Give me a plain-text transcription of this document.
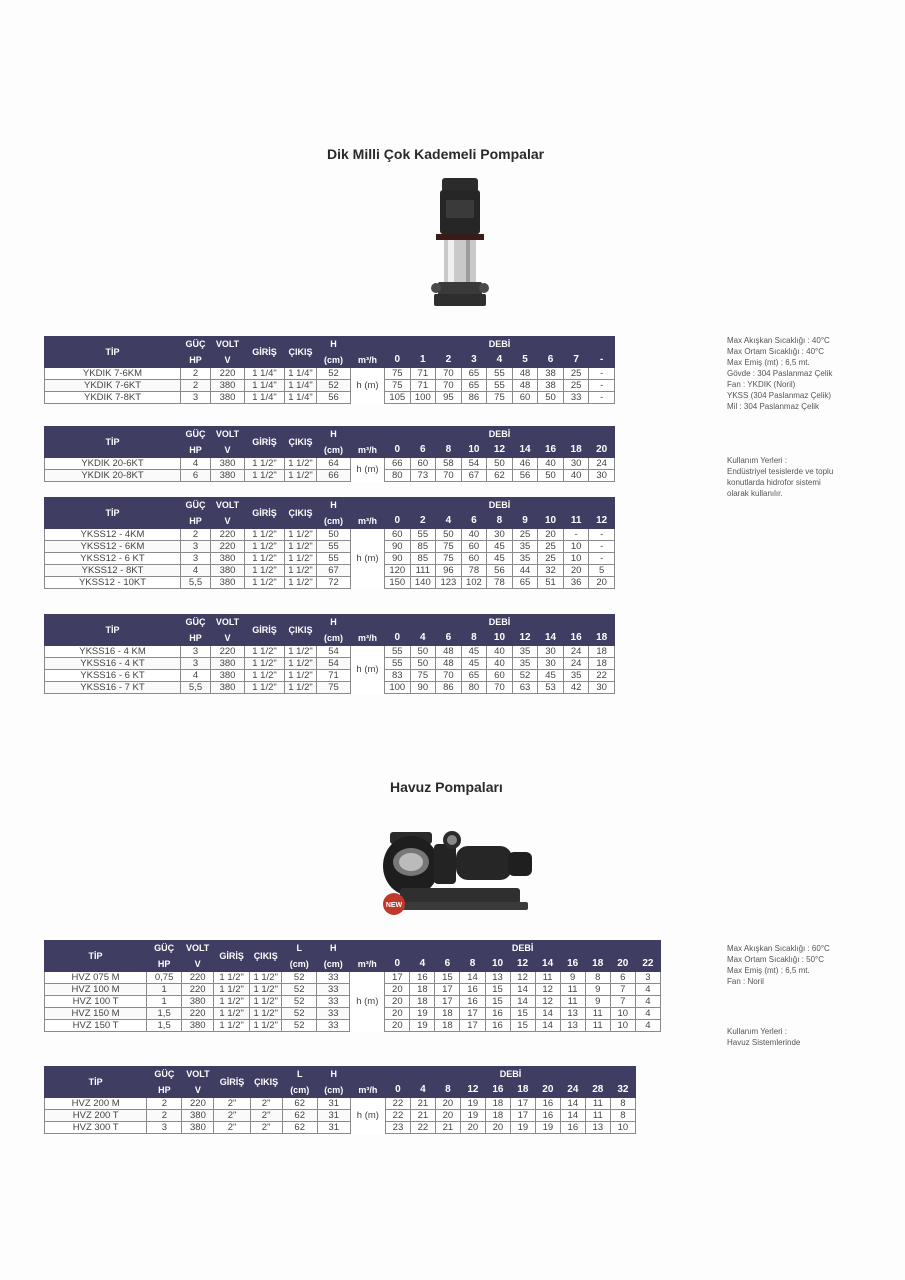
Dik Milli Çok Kademeli Pompalar
TİP	GÜÇ	VOLT	GİRİŞ	ÇIKIŞ	H		DEBİ								
	HP	V			(cm)	m³/h	0	1	2	3	4	5	6	7	-
YKDIK 7-6KM	2	220	1 1/4"	1 1/4"	52	h (m)	75	71	70	65	55	48	38	25	-
YKDIK 7-6KT	2	380	1 1/4"	1 1/4"	52		75	71	70	65	55	48	38	25	-
YKDIK 7-8KT	3	380	1 1/4"	1 1/4"	56		105	100	95	86	75	60	50	33	-
TİP	GÜÇ	VOLT	GİRİŞ	ÇIKIŞ	H		DEBİ								
	HP	V			(cm)	m³/h	0	6	8	10	12	14	16	18	20
YKDIK 20-6KT	4	380	1 1/2"	1 1/2"	64	h (m)	66	60	58	54	50	46	40	30	24
YKDIK 20-8KT	6	380	1 1/2"	1 1/2"	66		80	73	70	67	62	56	50	40	30
TİP	GÜÇ	VOLT	GİRİŞ	ÇIKIŞ	H		DEBİ								
	HP	V			(cm)	m³/h	0	2	4	6	8	9	10	11	12
YKSS12 - 4KM	2	220	1 1/2"	1 1/2"	50	h (m)	60	55	50	40	30	25	20	-	-
YKSS12 - 6KM	3	220	1 1/2"	1 1/2"	55		90	85	75	60	45	35	25	10	-
YKSS12 - 6 KT	3	380	1 1/2"	1 1/2"	55		90	85	75	60	45	35	25	10	-
YKSS12 - 8KT	4	380	1 1/2"	1 1/2"	67		120	111	96	78	56	44	32	20	5
YKSS12 - 10KT	5,5	380	1 1/2"	1 1/2"	72		150	140	123	102	78	65	51	36	20
TİP	GÜÇ	VOLT	GİRİŞ	ÇIKIŞ	H		DEBİ								
	HP	V			(cm)	m³/h	0	4	6	8	10	12	14	16	18
YKSS16 - 4 KM	3	220	1 1/2"	1 1/2"	54	h (m)	55	50	48	45	40	35	30	24	18
YKSS16 - 4 KT	3	380	1 1/2"	1 1/2"	54		55	50	48	45	40	35	30	24	18
YKSS16 - 6 KT	4	380	1 1/2"	1 1/2"	71		83	75	70	65	60	52	45	35	22
YKSS16 - 7 KT	5,5	380	1 1/2"	1 1/2"	75		100	90	86	80	70	63	53	42	30
Max Akışkan Sıcaklığı : 40°C
Max Ortam Sıcaklığı : 40°C
Max Emiş (mt) : 6,5 mt.
Gövde : 304 Paslanmaz Çelik
Fan : YKDIK (Noril)
YKSS (304 Paslanmaz Çelik)
Mil : 304 Paslanmaz Çelik
Kullanım Yerleri :
Endüstriyel tesislerde ve toplu
konutlarda hidrofor sistemi
olarak kullanılır.
Havuz Pompaları
NEW
TİP	GÜÇ	VOLT	GİRİŞ	ÇIKIŞ	L	H		DEBİ										
	HP	V			(cm)	(cm)	m³/h	0	4	6	8	10	12	14	16	18	20	22
HVZ 075 M	0,75	220	1 1/2"	1 1/2"	52	33	h (m)	17	16	15	14	13	12	11	9	8	6	3
HVZ 100 M	1	220	1 1/2"	1 1/2"	52	33		20	18	17	16	15	14	12	11	9	7	4
HVZ 100 T	1	380	1 1/2"	1 1/2"	52	33		20	18	17	16	15	14	12	11	9	7	4
HVZ 150 M	1,5	220	1 1/2"	1 1/2"	52	33		20	19	18	17	16	15	14	13	11	10	4
HVZ 150 T	1,5	380	1 1/2"	1 1/2"	52	33		20	19	18	17	16	15	14	13	11	10	4
TİP	GÜÇ	VOLT	GİRİŞ	ÇIKIŞ	L	H		DEBİ									
	HP	V			(cm)	(cm)	m³/h	0	4	8	12	16	18	20	24	28	32
HVZ 200 M	2	220	2"	2"	62	31	h (m)	22	21	20	19	18	17	16	14	11	8
HVZ 200 T	2	380	2"	2"	62	31		22	21	20	19	18	17	16	14	11	8
HVZ 300 T	3	380	2"	2"	62	31		23	22	21	20	20	19	19	16	13	10
Max Akışkan Sıcaklığı : 60°C
Max Ortam Sıcaklığı : 50°C
Max Emiş (mt) : 6,5 mt.
Fan : Noril
Kullanım Yerleri :
Havuz Sistemlerinde
